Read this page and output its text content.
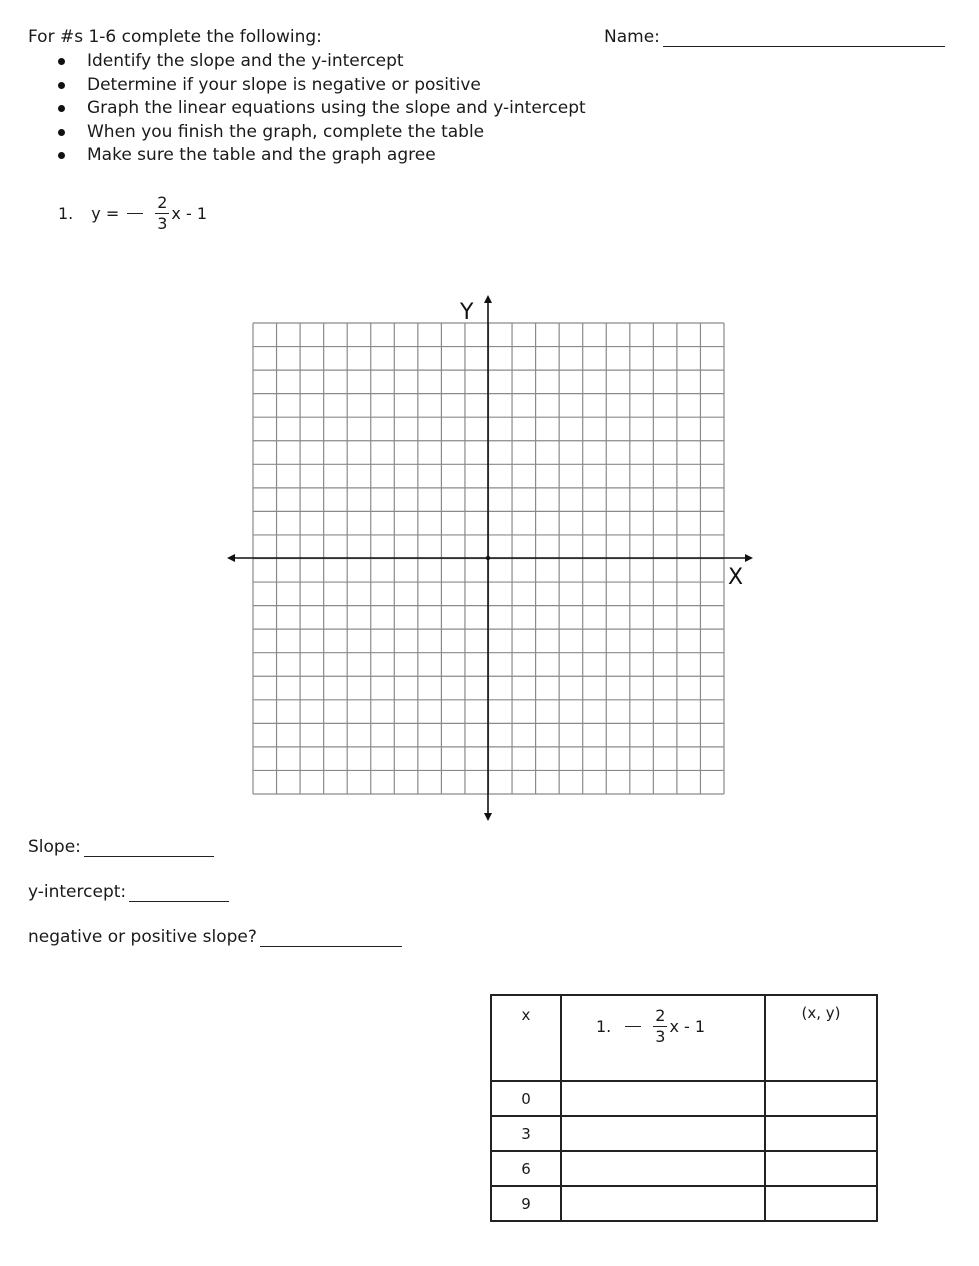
For #s 1-6 complete the following:	Name:
Identify the slope and the y-intercept
Determine if your slope is negative or positive
Graph the linear equations using the slope and y-intercept
When you finish the graph, complete the table
Make sure the table and the graph agree
1. $y = \frac{2}{3}$ x - 1
Y
X
Slope:
y-intercept:
negative or positive slope?
x	1. $\frac{2}{3}$ x - 1	(x, y)
0		
3		
6		
9		
